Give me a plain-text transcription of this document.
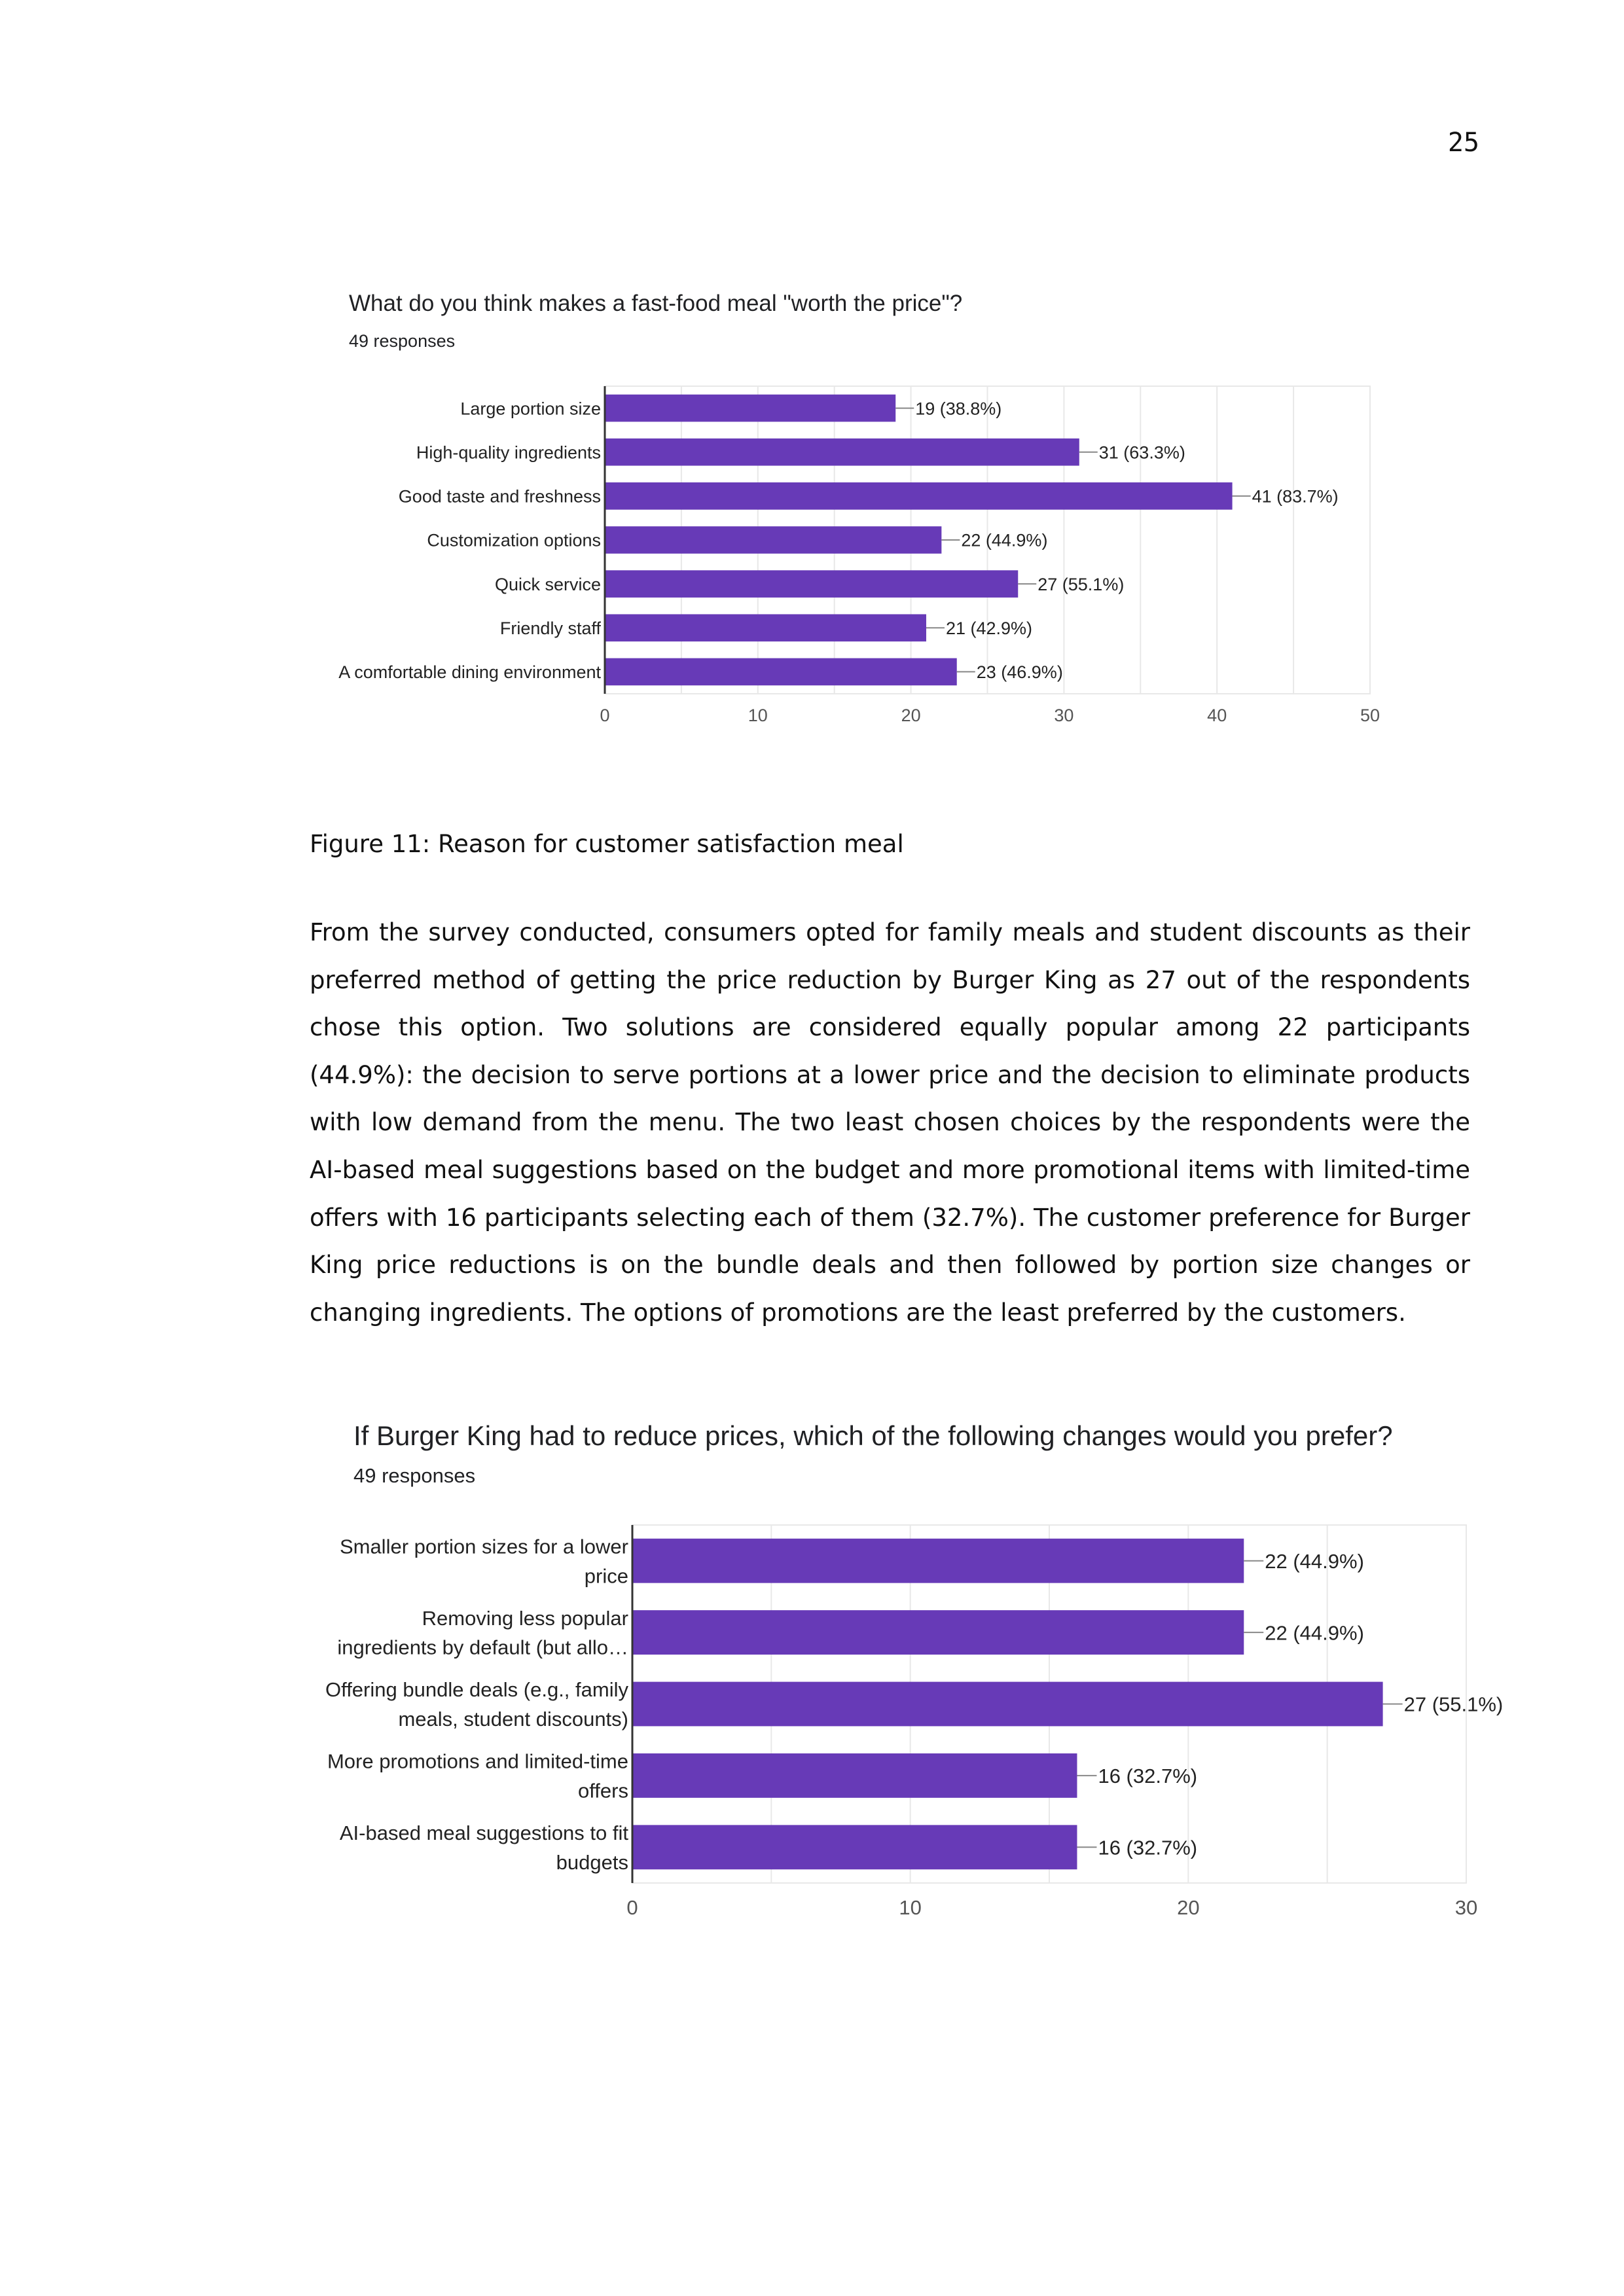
25
What do you think makes a fast-food meal "worth the price"?
49 responses
0	10	20	30	40	50
19 (38.8%)
Large portion size
31 (63.3%)
High-quality ingredients
41 (83.7%)
Good taste and freshness
22 (44.9%)
Customization options
27 (55.1%)
Quick service
21 (42.9%)
Friendly staff
23 (46.9%)
A comfortable dining environment
Figure 11: Reason for customer satisfaction meal

From the survey conducted, consumers opted for family meals and student discounts as their preferred method of getting the price reduction by Burger King as 27 out of the respondents chose this option. Two solutions are considered equally popular among 22 participants (44.9%): the decision to serve portions at a lower price and the decision to eliminate products with low demand from the menu. The two least chosen choices by the respondents were the AI-based meal suggestions based on the budget and more promotional items with limited-time offers with 16 participants selecting each of them (32.7%). The customer preference for Burger King price reductions is on the bundle deals and then followed by portion size changes or changing ingredients. The options of promotions are the least preferred by the customers.

If Burger King had to reduce prices, which of the following changes would you prefer?
49 responses
0	10	20	30
22 (44.9%)
Smaller portion sizes for a lower
price
22 (44.9%)
Removing less popular
ingredients by default (but allo…
27 (55.1%)
Offering bundle deals (e.g., family
meals, student discounts)
16 (32.7%)
More promotions and limited-time
offers
16 (32.7%)
AI-based meal suggestions to fit
budgets
